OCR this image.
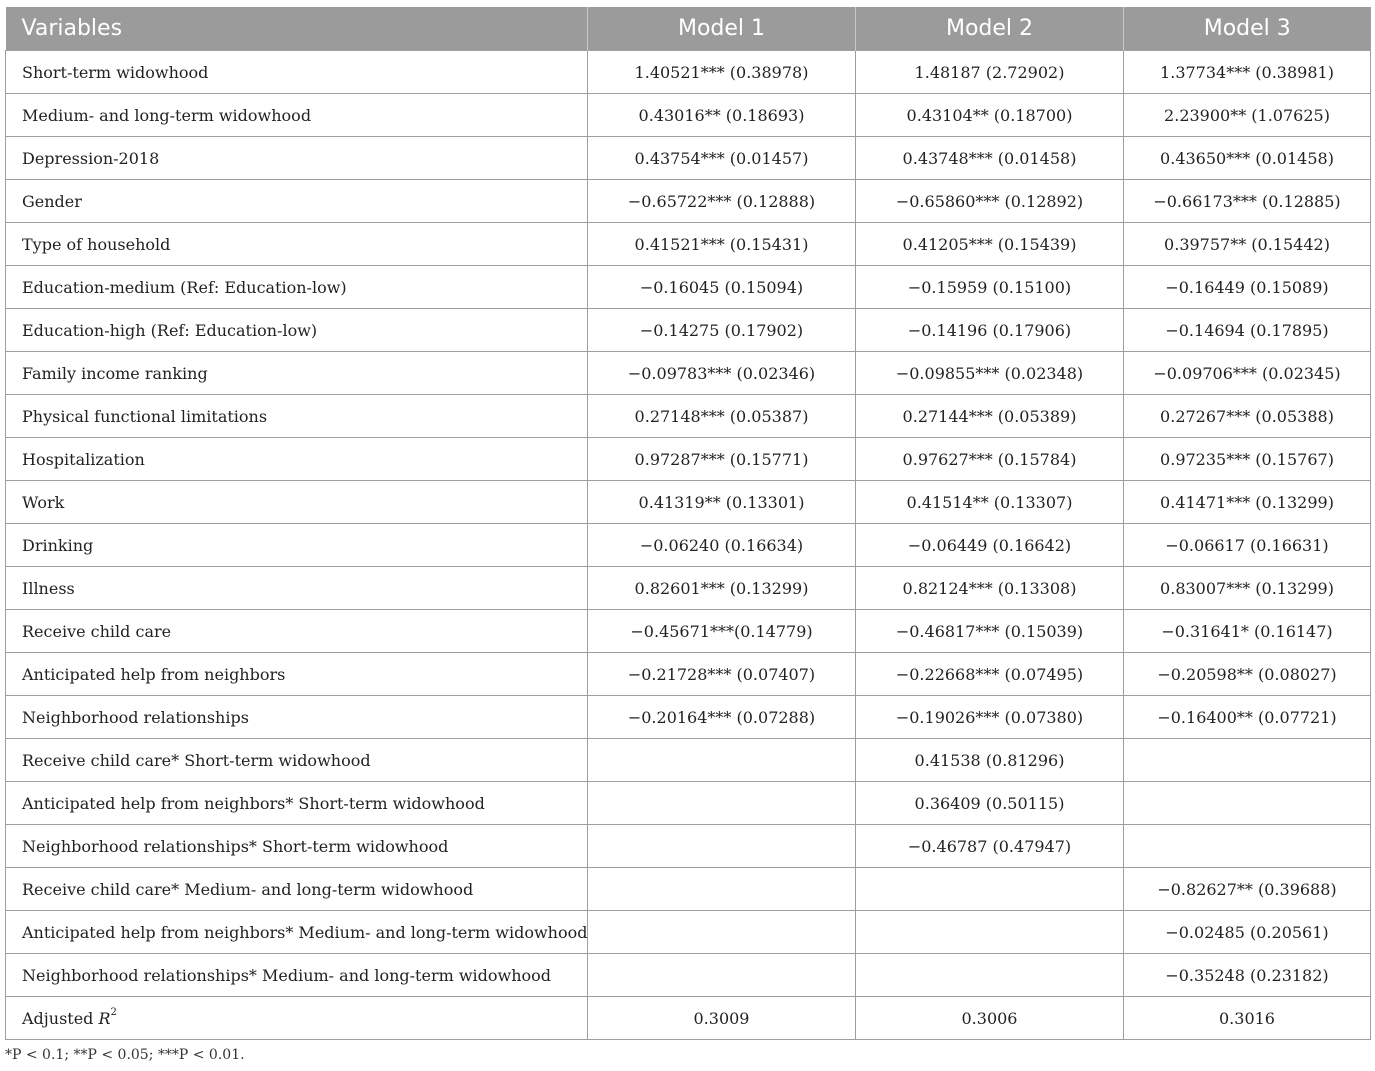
Variables	Model 1	Model 2	Model 3
Short-term widowhood	1.40521*** (0.38978)	1.48187 (2.72902)	1.37734*** (0.38981)
Medium- and long-term widowhood	0.43016** (0.18693)	0.43104** (0.18700)	2.23900** (1.07625)
Depression-2018	0.43754*** (0.01457)	0.43748*** (0.01458)	0.43650*** (0.01458)
Gender	−0.65722*** (0.12888)	−0.65860*** (0.12892)	−0.66173*** (0.12885)
Type of household	0.41521*** (0.15431)	0.41205*** (0.15439)	0.39757** (0.15442)
Education-medium (Ref: Education-low)	−0.16045 (0.15094)	−0.15959 (0.15100)	−0.16449 (0.15089)
Education-high (Ref: Education-low)	−0.14275 (0.17902)	−0.14196 (0.17906)	−0.14694 (0.17895)
Family income ranking	−0.09783*** (0.02346)	−0.09855*** (0.02348)	−0.09706*** (0.02345)
Physical functional limitations	0.27148*** (0.05387)	0.27144*** (0.05389)	0.27267*** (0.05388)
Hospitalization	0.97287*** (0.15771)	0.97627*** (0.15784)	0.97235*** (0.15767)
Work	0.41319** (0.13301)	0.41514** (0.13307)	0.41471*** (0.13299)
Drinking	−0.06240 (0.16634)	−0.06449 (0.16642)	−0.06617 (0.16631)
Illness	0.82601*** (0.13299)	0.82124*** (0.13308)	0.83007*** (0.13299)
Receive child care	−0.45671***(0.14779)	−0.46817*** (0.15039)	−0.31641* (0.16147)
Anticipated help from neighbors	−0.21728*** (0.07407)	−0.22668*** (0.07495)	−0.20598** (0.08027)
Neighborhood relationships	−0.20164*** (0.07288)	−0.19026*** (0.07380)	−0.16400** (0.07721)
Receive child care* Short-term widowhood		0.41538 (0.81296)	
Anticipated help from neighbors* Short-term widowhood		0.36409 (0.50115)	
Neighborhood relationships* Short-term widowhood		−0.46787 (0.47947)	
Receive child care* Medium- and long-term widowhood			−0.82627** (0.39688)
Anticipated help from neighbors* Medium- and long-term widowhood			−0.02485 (0.20561)
Neighborhood relationships* Medium- and long-term widowhood			−0.35248 (0.23182)
Adjusted $R^2$	0.3009	0.3006	0.3016
*P < 0.1; **P < 0.05; ***P < 0.01.
